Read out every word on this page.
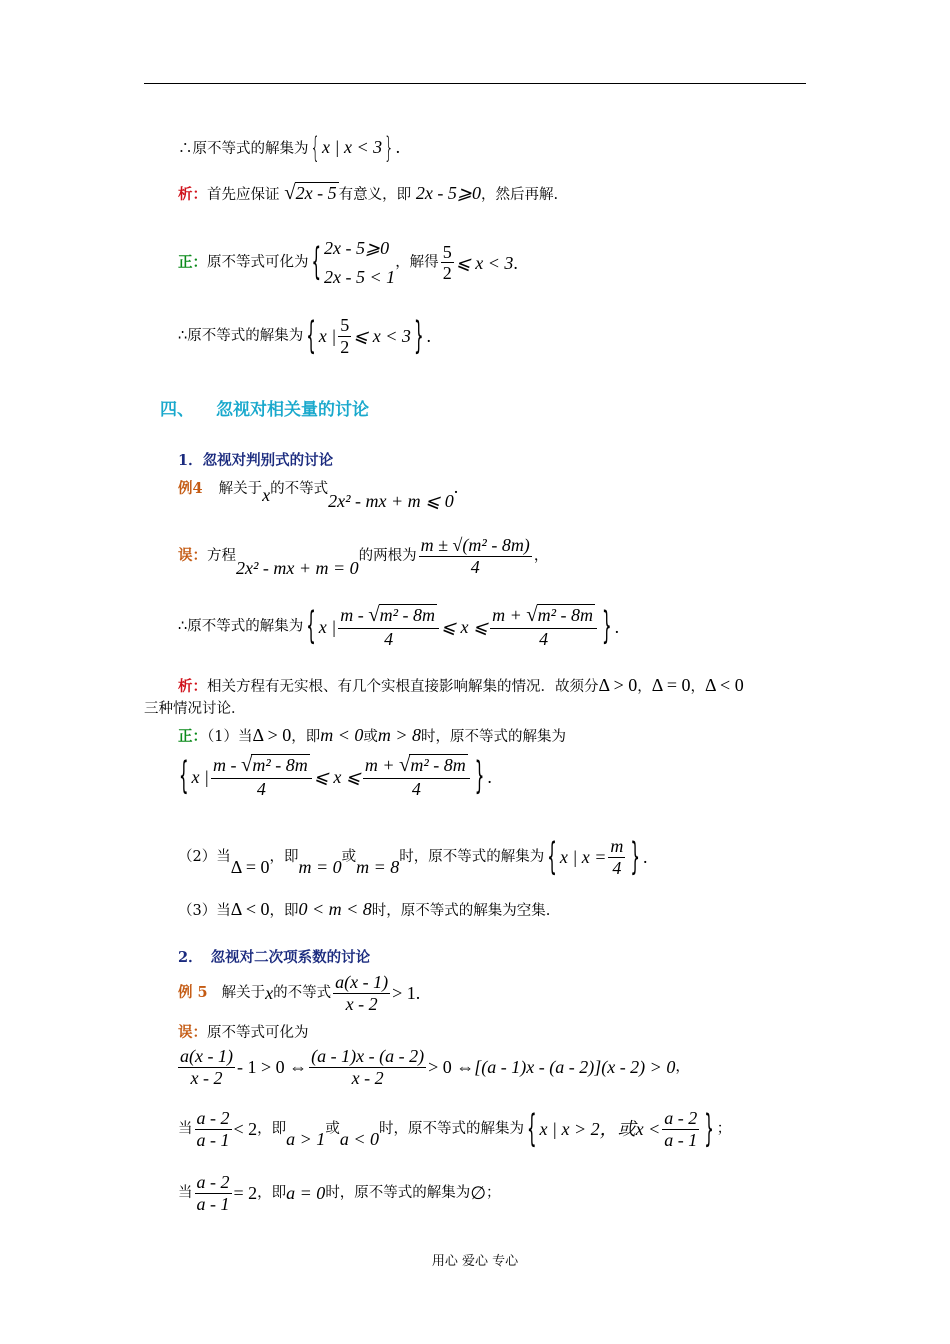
∴原不等式的解集为 { x | x < 3 } .
析：首先应保证 √2x - 5 有意义，即 2x - 5⩾0，然后再解.
正：原不等式可化为 { 2x - 5⩾0
2x - 5 < 1
，解得 $\frac{5}{2}$ ⩽ x < 3.
∴原不等式的解集为 { x | $\frac{5}{2}$ ⩽ x < 3 } .
四、 忽视对相关量的讨论
1．忽视对判别式的讨论
例4 解关于x的不等式2x² - mx + m ⩽ 0.
误：方程2x² - mx + m = 0的两根为 $\frac{\text{m ± √(m² - 8m)}}{4}$ ，
∴原不等式的解集为 { x | $\frac{\text{m - √m² - 8m}}{4}$ ⩽ x ⩽ $\frac{\text{m + √m² - 8m}}{4}$ } .
析：相关方程有无实根、有几个实根直接影响解集的情况．故须分Δ > 0，Δ = 0，Δ < 0
三种情况讨论．
正：（1）当Δ > 0，即m < 0或m > 8时，原不等式的解集为
{ x | $\frac{\text{m - √m² - 8m}}{4}$ ⩽ x ⩽ $\frac{\text{m + √m² - 8m}}{4}$ } .
（2）当Δ = 0，即m = 0或m = 8时，原不等式的解集为 { x | $x = \frac{m}{4}$ } .
（3）当Δ < 0，即0 < m < 8时，原不等式的解集为空集.
2． 忽视对二次项系数的讨论
例 5 解关于x的不等式 $\frac{a(x - 1)}{x - 2} > 1$.
误：原不等式可化为
$\frac{a(x - 1)}{x - 2} - 1 > 0$ ⇔ $\frac{(a - 1)x - (a - 2)}{x - 2} > 0$ ⇔[(a - 1)x - (a - 2)](x - 2) > 0，
当 $\frac{a - 2}{a - 1} < 2$，即a > 1或a < 0时，原不等式的解集为 { x | x > 2，或$x < \frac{a - 2}{a - 1}$ } ；
当 $\frac{a - 2}{a - 1} = 2$，即a = 0时，原不等式的解集为∅；
用心 爱心 专心
